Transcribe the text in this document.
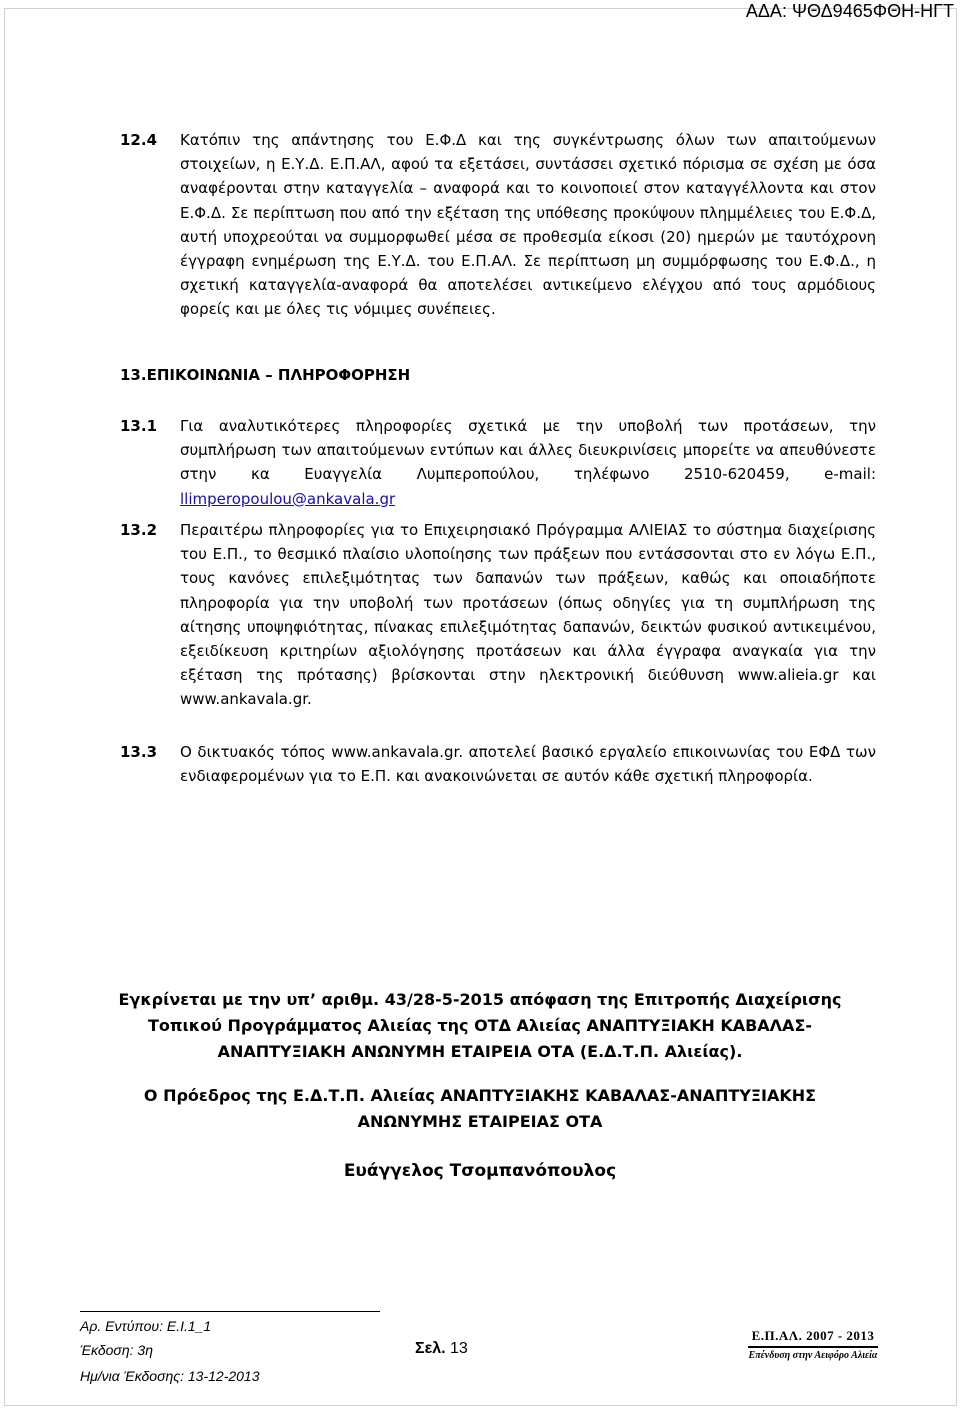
ΑΔΑ: ΨΘΔ9465ΦΘΗ-ΗΓΤ
12.4 Κατόπιν της απάντησης του Ε.Φ.Δ και της συγκέντρωσης όλων των απαιτούμενων στοιχείων, η Ε.Υ.Δ. Ε.Π.ΑΛ, αφού τα εξετάσει, συντάσσει σχετικό πόρισμα σε σχέση με όσα αναφέρονται στην καταγγελία – αναφορά και το κοινοποιεί στον καταγγέλλοντα και στον Ε.Φ.Δ. Σε περίπτωση που από την εξέταση της υπόθεσης προκύψουν πλημμέλειες του Ε.Φ.Δ, αυτή υποχρεούται να συμμορφωθεί μέσα σε προθεσμία είκοσι (20) ημερών με ταυτόχρονη έγγραφη ενημέρωση της Ε.Υ.Δ. του Ε.Π.ΑΛ. Σε περίπτωση μη συμμόρφωσης του Ε.Φ.Δ., η σχετική καταγγελία-αναφορά θα αποτελέσει αντικείμενο ελέγχου από τους αρμόδιους φορείς και με όλες τις νόμιμες συνέπειες.
13.ΕΠΙΚΟΙΝΩΝΙΑ – ΠΛΗΡΟΦΟΡΗΣΗ
13.1 Για αναλυτικότερες πληροφορίες σχετικά με την υποβολή των προτάσεων, την συμπλήρωση των απαιτούμενων εντύπων και άλλες διευκρινίσεις μπορείτε να απευθύνεστε στην κα Ευαγγελία Λυμπεροπούλου, τηλέφωνο 2510-620459, e-mail: llimperopoulou@ankavala.gr
13.2 Περαιτέρω πληροφορίες για το Επιχειρησιακό Πρόγραμμα ΑΛΙΕΙΑΣ το σύστημα διαχείρισης του Ε.Π., το θεσμικό πλαίσιο υλοποίησης των πράξεων που εντάσσονται στο εν λόγω Ε.Π., τους κανόνες επιλεξιμότητας των δαπανών των πράξεων, καθώς και οποιαδήποτε πληροφορία για την υποβολή των προτάσεων (όπως οδηγίες για τη συμπλήρωση της αίτησης υποψηφιότητας, πίνακας επιλεξιμότητας δαπανών, δεικτών φυσικού αντικειμένου, εξειδίκευση κριτηρίων αξιολόγησης προτάσεων και άλλα έγγραφα αναγκαία για την εξέταση της πρότασης) βρίσκονται στην ηλεκτρονική διεύθυνση www.alieia.gr και www.ankavala.gr.
13.3 Ο δικτυακός τόπος www.ankavala.gr. αποτελεί βασικό εργαλείο επικοινωνίας του ΕΦΔ των ενδιαφερομένων για το Ε.Π. και ανακοινώνεται σε αυτόν κάθε σχετική πληροφορία.
Εγκρίνεται με την υπ’ αριθμ. 43/28-5-2015 απόφαση της Επιτροπής Διαχείρισης
Τοπικού Προγράμματος Αλιείας της ΟΤΔ Αλιείας ΑΝΑΠΤΥΞΙΑΚΗ ΚΑΒΑΛΑΣ-
ΑΝΑΠΤΥΞΙΑΚΗ ΑΝΩΝΥΜΗ ΕΤΑΙΡΕΙΑ ΟΤΑ (Ε.Δ.Τ.Π. Αλιείας).
Ο Πρόεδρος της Ε.Δ.Τ.Π. Αλιείας ΑΝΑΠΤΥΞΙΑΚΗΣ ΚΑΒΑΛΑΣ-ΑΝΑΠΤΥΞΙΑΚΗΣ
ΑΝΩΝΥΜΗΣ ΕΤΑΙΡΕΙΑΣ ΟΤΑ
Ευάγγελος Τσομπανόπουλος
Αρ. Εντύπου: Ε.Ι.1_1
Έκδοση: 3η
Ημ/νια Έκδοσης: 13-12-2013
Σελ. 13
Ε.Π.ΑΛ. 2007 - 2013
Επένδυση στην Αειφόρο Αλιεία
